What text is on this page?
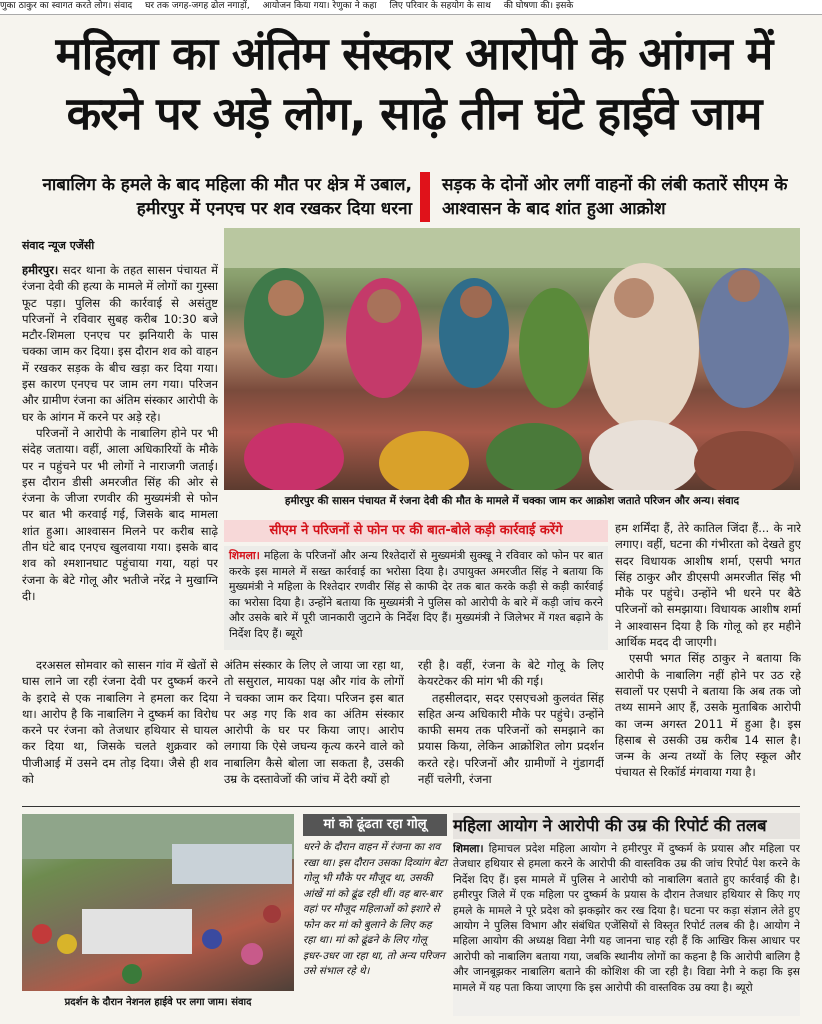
णुका ठाकुर का स्वागत करते लोग। संवाद घर तक जगह-जगह ढोल नगाड़ों, आयोजन किया गया। रेणुका ने कहा लिए परिवार के सहयोग के साथ की घोषणा की। इसके
महिला का अंतिम संस्कार आरोपी के आंगन में करने पर अड़े लोग, साढ़े तीन घंटे हाईवे जाम
नाबालिग के हमले के बाद महिला की मौत पर क्षेत्र में उबाल, हमीरपुर में एनएच पर शव रखकर दिया धरना
सड़क के दोनों ओर लगीं वाहनों की लंबी कतारें सीएम के आश्वासन के बाद शांत हुआ आक्रोश
संवाद न्यूज एजेंसी

हमीरपुर। सदर थाना के तहत सासन पंचायत में रंजना देवी की हत्या के मामले में लोगों का गुस्सा फूट पड़ा। पुलिस की कार्रवाई से असंतुष्ट परिजनों ने रविवार सुबह करीब 10:30 बजे मटौर-शिमला एनएच पर झनियारी के पास चक्का जाम कर दिया। इस दौरान शव को वाहन में रखकर सड़क के बीच खड़ा कर दिया गया। इस कारण एनएच पर जाम लग गया। परिजन और ग्रामीण रंजना का अंतिम संस्कार आरोपी के घर के आंगन में करने पर अड़े रहे।

परिजनों ने आरोपी के नाबालिग होने पर भी संदेह जताया। वहीं, आला अधिकारियों के मौके पर न पहुंचने पर भी लोगों ने नाराजगी जताई। इस दौरान डीसी अमरजीत सिंह की ओर से रंजना के जीजा रणवीर की मुख्यमंत्री से फोन पर बात भी करवाई गई, जिसके बाद मामला शांत हुआ। आश्वासन मिलने पर करीब साढ़े तीन घंटे बाद एनएच खुलवाया गया। इसके बाद शव को श्मशानघाट पहुंचाया गया, यहां पर रंजना के बेटे गोलू और भतीजे नरेंद्र ने मुखाग्नि दी।

दरअसल सोमवार को सासन गांव में खेतों से घास लाने जा रही रंजना देवी पर दुष्कर्म करने के इरादे से एक नाबालिग ने हमला कर दिया था। आरोप है कि नाबालिग ने दुष्कर्म का विरोध करने पर रंजना को तेजधार हथियार से घायल कर दिया था, जिसके चलते शुक्रवार को पीजीआई में उसने दम तोड़ दिया। जैसे ही शव को

हमीरपुर की सासन पंचायत में रंजना देवी की मौत के मामले में चक्का जाम कर आक्रोश जताते परिजन और अन्य। संवाद
सीएम ने परिजनों से फोन पर की बात-बोले कड़ी कार्रवाई करेंगे
शिमला। महिला के परिजनों और अन्य रिश्तेदारों से मुख्यमंत्री सुक्खू ने रविवार को फोन पर बात करके इस मामले में सख्त कार्रवाई का भरोसा दिया है। उपायुक्त अमरजीत सिंह ने बताया कि मुख्यमंत्री ने महिला के रिश्तेदार रणवीर सिंह से काफी देर तक बात करके कड़ी से कड़ी कार्रवाई का भरोसा दिया है। उन्होंने बताया कि मुख्यमंत्री ने पुलिस को आरोपी के बारे में कड़ी जांच करने और उसके बारे में पूरी जानकारी जुटाने के निर्देश दिए हैं। मुख्यमंत्री ने जिलेभर में गश्त बढ़ाने के निर्देश दिए हैं। ब्यूरो

अंतिम संस्कार के लिए ले जाया जा रहा था, तो ससुराल, मायका पक्ष और गांव के लोगों ने चक्का जाम कर दिया। परिजन इस बात पर अड़ गए कि शव का अंतिम संस्कार आरोपी के घर पर किया जाए। आरोप लगाया कि ऐसे जघन्य कृत्य करने वाले को नाबालिग कैसे बोला जा सकता है, उसकी उम्र के दस्तावेजों की जांच में देरी क्यों हो

रही है। वहीं, रंजना के बेटे गोलू के लिए केयरटेकर की मांग भी की गई।

तहसीलदार, सदर एसएचओ कुलवंत सिंह सहित अन्य अधिकारी मौके पर पहुंचे। उन्होंने काफी समय तक परिजनों को समझाने का प्रयास किया, लेकिन आक्रोशित लोग प्रदर्शन करते रहे। परिजनों और ग्रामीणों ने गुंडागर्दी नहीं चलेगी, रंजना

हम शर्मिंदा हैं, तेरे कातिल जिंदा हैं... के नारे लगाए। वहीं, घटना की गंभीरता को देखते हुए सदर विधायक आशीष शर्मा, एसपी भगत सिंह ठाकुर और डीएसपी अमरजीत सिंह भी मौके पर पहुंचे। उन्होंने भी धरने पर बैठे परिजनों को समझाया। विधायक आशीष शर्मा ने आश्वासन दिया है कि गोलू को हर महीने आर्थिक मदद दी जाएगी।

एसपी भगत सिंह ठाकुर ने बताया कि आरोपी के नाबालिग नहीं होने पर उठ रहे सवालों पर एसपी ने बताया कि अब तक जो तथ्य सामने आए हैं, उसके मुताबिक आरोपी का जन्म अगस्त 2011 में हुआ है। इस हिसाब से उसकी उम्र करीब 14 साल है। जन्म के अन्य तथ्यों के लिए स्कूल और पंचायत से रिकॉर्ड मंगवाया गया है।

प्रदर्शन के दौरान नेशनल हाईवे पर लगा जाम। संवाद
मां को ढूंढता रहा गोलू
धरने के दौरान वाहन में रंजना का शव रखा था। इस दौरान उसका दिव्यांग बेटा गोलू भी मौके पर मौजूद था, उसकी आंखें मां को ढूंढ रही थीं। वह बार-बार वहां पर मौजूद महिलाओं को इशारे से फोन कर मां को बुलाने के लिए कह रहा था। मां को ढूंढने के लिए गोलू इधर-उधर जा रहा था, तो अन्य परिजन उसे संभाल रहे थे।
महिला आयोग ने आरोपी की उम्र की रिपोर्ट की तलब
शिमला। हिमाचल प्रदेश महिला आयोग ने हमीरपुर में दुष्कर्म के प्रयास और महिला पर तेजधार हथियार से हमला करने के आरोपी की वास्तविक उम्र की जांच रिपोर्ट पेश करने के निर्देश दिए हैं। इस मामले में पुलिस ने आरोपी को नाबालिग बताते हुए कार्रवाई की है। हमीरपुर जिले में एक महिला पर दुष्कर्म के प्रयास के दौरान तेजधार हथियार से किए गए हमले के मामले ने पूरे प्रदेश को झकझोर कर रख दिया है। घटना पर कड़ा संज्ञान लेते हुए आयोग ने पुलिस विभाग और संबंधित एजेंसियों से विस्तृत रिपोर्ट तलब की है। आयोग ने महिला आयोग की अध्यक्ष विद्या नेगी यह जानना चाह रही हैं कि आखिर किस आधार पर आरोपी को नाबालिग बताया गया, जबकि स्थानीय लोगों का कहना है कि आरोपी बालिग है और जानबूझकर नाबालिग बताने की कोशिश की जा रही है। विद्या नेगी ने कहा कि इस मामले में यह पता किया जाएगा कि इस आरोपी की वास्तविक उम्र क्या है। ब्यूरो
